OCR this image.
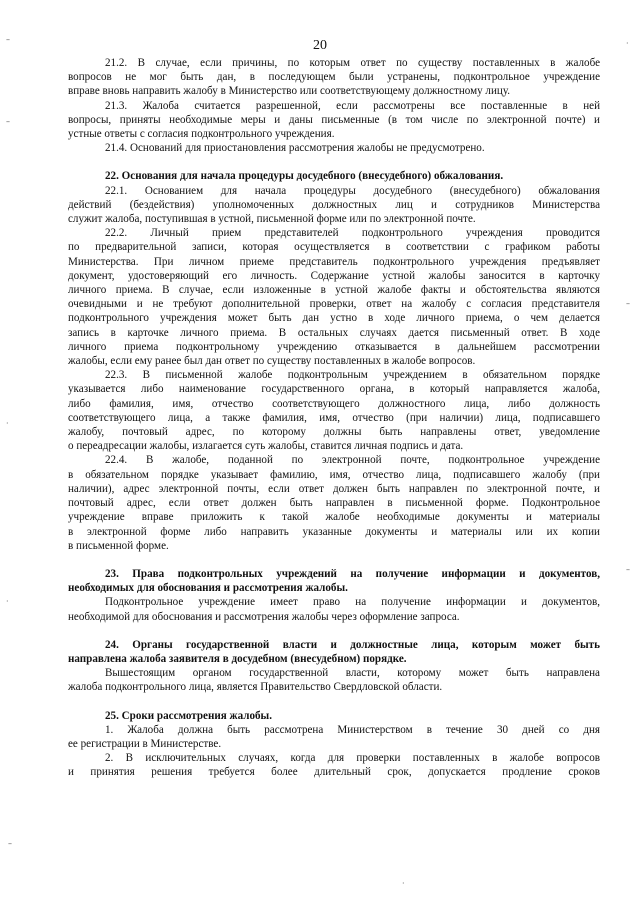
20
21.2. В случае, если причины, по которым ответ по существу поставленных в жалобе
вопросов не мог быть дан, в последующем были устранены, подконтрольное учреждение
вправе вновь направить жалобу в Министерство или соответствующему должностному лицу.
21.3. Жалоба считается разрешенной, если рассмотрены все поставленные в ней
вопросы, приняты необходимые меры и даны письменные (в том числе по электронной почте) и
устные ответы с согласия подконтрольного учреждения.
21.4. Оснований для приостановления рассмотрения жалобы не предусмотрено.
22. Основания для начала процедуры досудебного (внесудебного) обжалования.
22.1. Основанием для начала процедуры досудебного (внесудебного) обжалования
действий (бездействия) уполномоченных должностных лиц и сотрудников Министерства
служит жалоба, поступившая в устной, письменной форме или по электронной почте.
22.2. Личный прием представителей подконтрольного учреждения проводится
по предварительной записи, которая осуществляется в соответствии с графиком работы
Министерства. При личном приеме представитель подконтрольного учреждения предъявляет
документ, удостоверяющий его личность. Содержание устной жалобы заносится в карточку
личного приема. В случае, если изложенные в устной жалобе факты и обстоятельства являются
очевидными и не требуют дополнительной проверки, ответ на жалобу с согласия представителя
подконтрольного учреждения может быть дан устно в ходе личного приема, о чем делается
запись в карточке личного приема. В остальных случаях дается письменный ответ. В ходе
личного приема подконтрольному учреждению отказывается в дальнейшем рассмотрении
жалобы, если ему ранее был дан ответ по существу поставленных в жалобе вопросов.
22.3. В письменной жалобе подконтрольным учреждением в обязательном порядке
указывается либо наименование государственного органа, в который направляется жалоба,
либо фамилия, имя, отчество соответствующего должностного лица, либо должность
соответствующего лица, а также фамилия, имя, отчество (при наличии) лица, подписавшего
жалобу, почтовый адрес, по которому должны быть направлены ответ, уведомление
о переадресации жалобы, излагается суть жалобы, ставится личная подпись и дата.
22.4. В жалобе, поданной по электронной почте, подконтрольное учреждение
в обязательном порядке указывает фамилию, имя, отчество лица, подписавшего жалобу (при
наличии), адрес электронной почты, если ответ должен быть направлен по электронной почте, и
почтовый адрес, если ответ должен быть направлен в письменной форме. Подконтрольное
учреждение вправе приложить к такой жалобе необходимые документы и материалы
в электронной форме либо направить указанные документы и материалы или их копии
в письменной форме.
23. Права подконтрольных учреждений на получение информации и документов,
необходимых для обоснования и рассмотрения жалобы.
Подконтрольное учреждение имеет право на получение информации и документов,
необходимой для обоснования и рассмотрения жалобы через оформление запроса.
24. Органы государственной власти и должностные лица, которым может быть
направлена жалоба заявителя в досудебном (внесудебном) порядке.
Вышестоящим органом государственной власти, которому может быть направлена
жалоба подконтрольного лица, является Правительство Свердловской области.
25. Сроки рассмотрения жалобы.
1. Жалоба должна быть рассмотрена Министерством в течение 30 дней со дня
ее регистрации в Министерстве.
2. В исключительных случаях, когда для проверки поставленных в жалобе вопросов
и принятия решения требуется более длительный срок, допускается продление сроков
–
–
·
·
–
·
–
–
·
